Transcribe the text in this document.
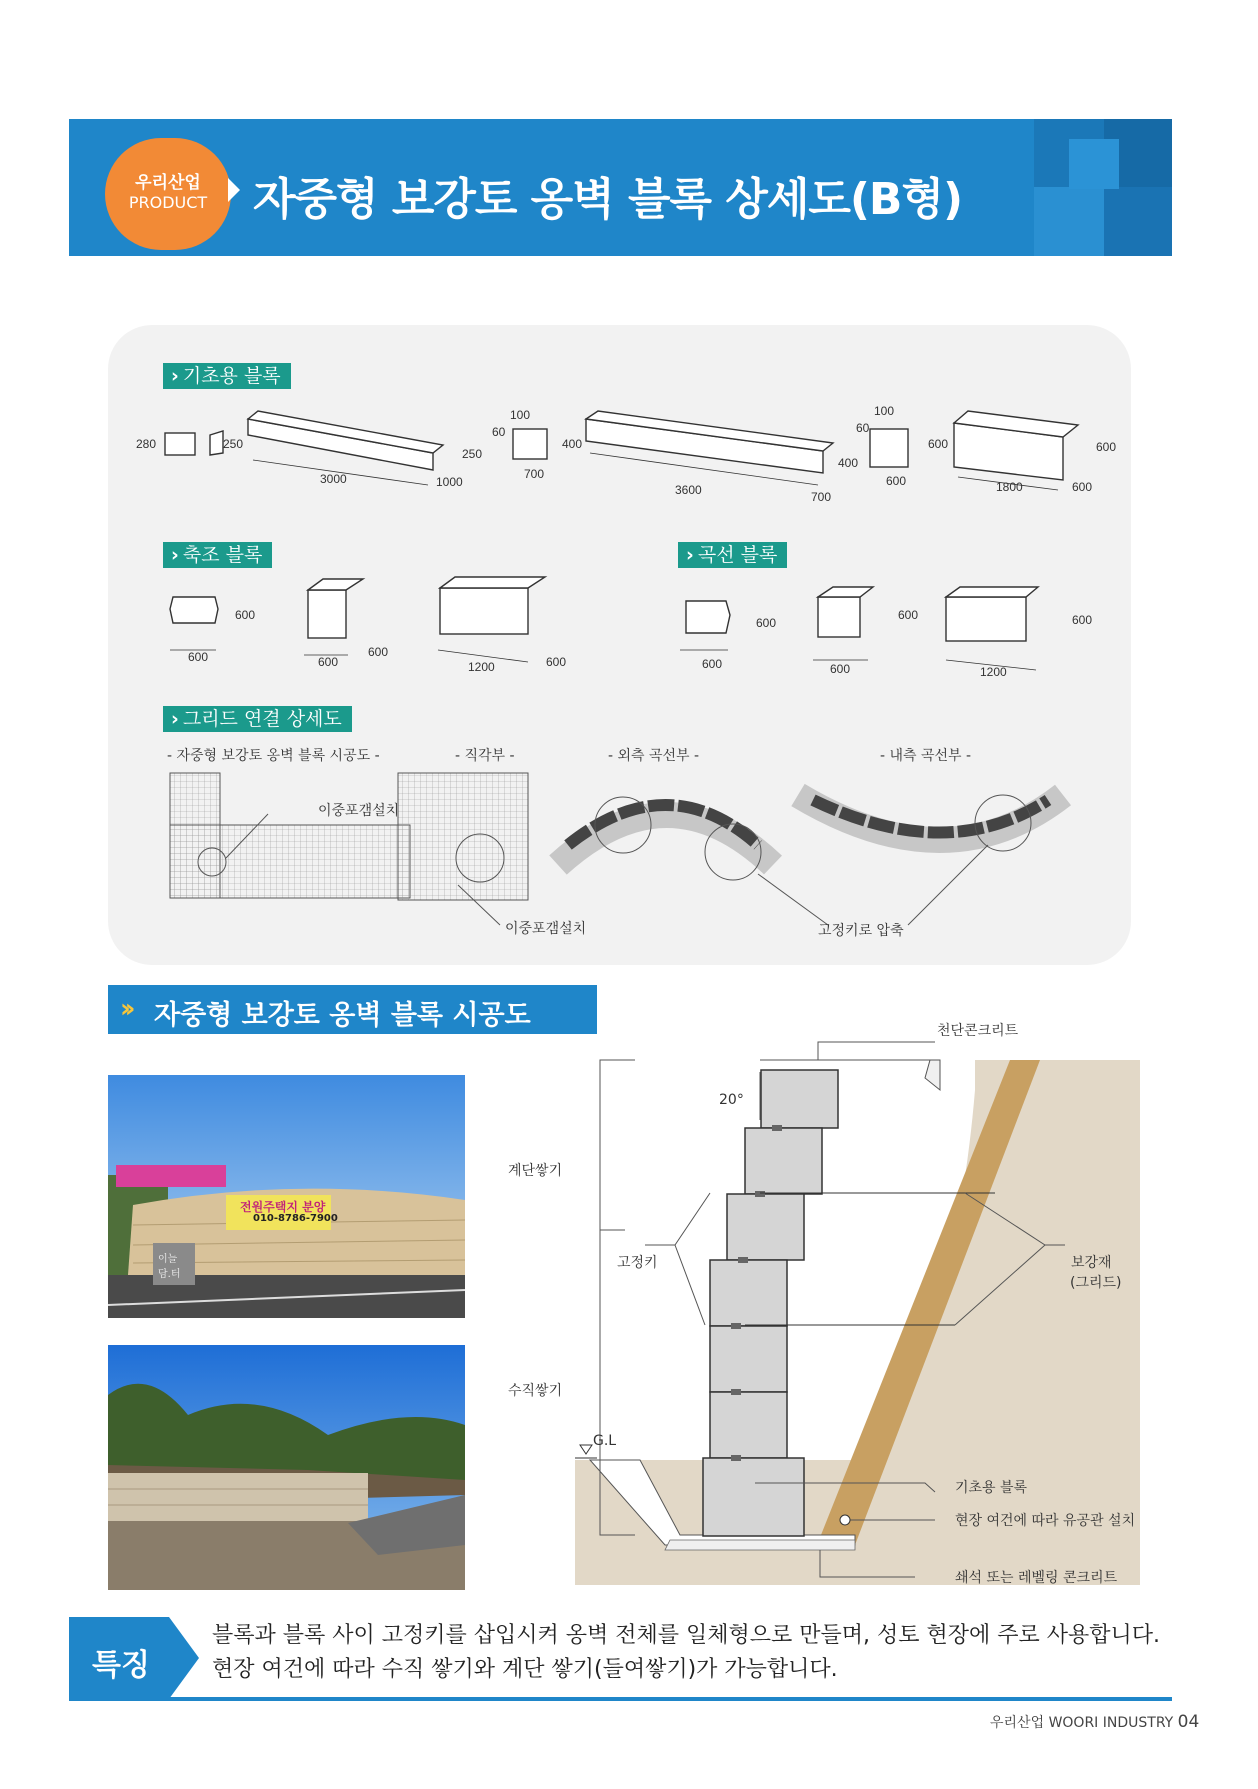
우리산업
PRODUCT	자중형 보강토 옹벽 블록 상세도(B형)
› 기초용 블록
› 축조 블록	› 곡선 블록
› 그리드 연결 상세도
280	250
250
3000	1000
100
60
400
700
400
3600	700
100
60
600
600
600
1800	600
600
600	600
600
1200	600
600
600
600
600
600
1200
- 자중형 보강토 옹벽 블록 시공도 -	- 직각부 -	- 외측 곡선부 -	- 내측 곡선부 -
이중포갬설치
이중포갬설치	고정키로 압축
›› 자중형 보강토 옹벽 블록 시공도
전원주택지 분양
010-8786-7900
이늘 담.터
천단콘크리트
20°
계단쌓기
고정키	보강재
(그리드)
수직쌓기
G.L
기초용 블록
현장 여건에 따라 유공관 설치
쇄석 또는 레벨링 콘크리트
특징
블록과 블록 사이 고정키를 삽입시켜 옹벽 전체를 일체형으로 만들며, 성토 현장에 주로 사용합니다.
현장 여건에 따라 수직 쌓기와 계단 쌓기(들여쌓기)가 가능합니다.
우리산업 WOORI INDUSTRY 04
